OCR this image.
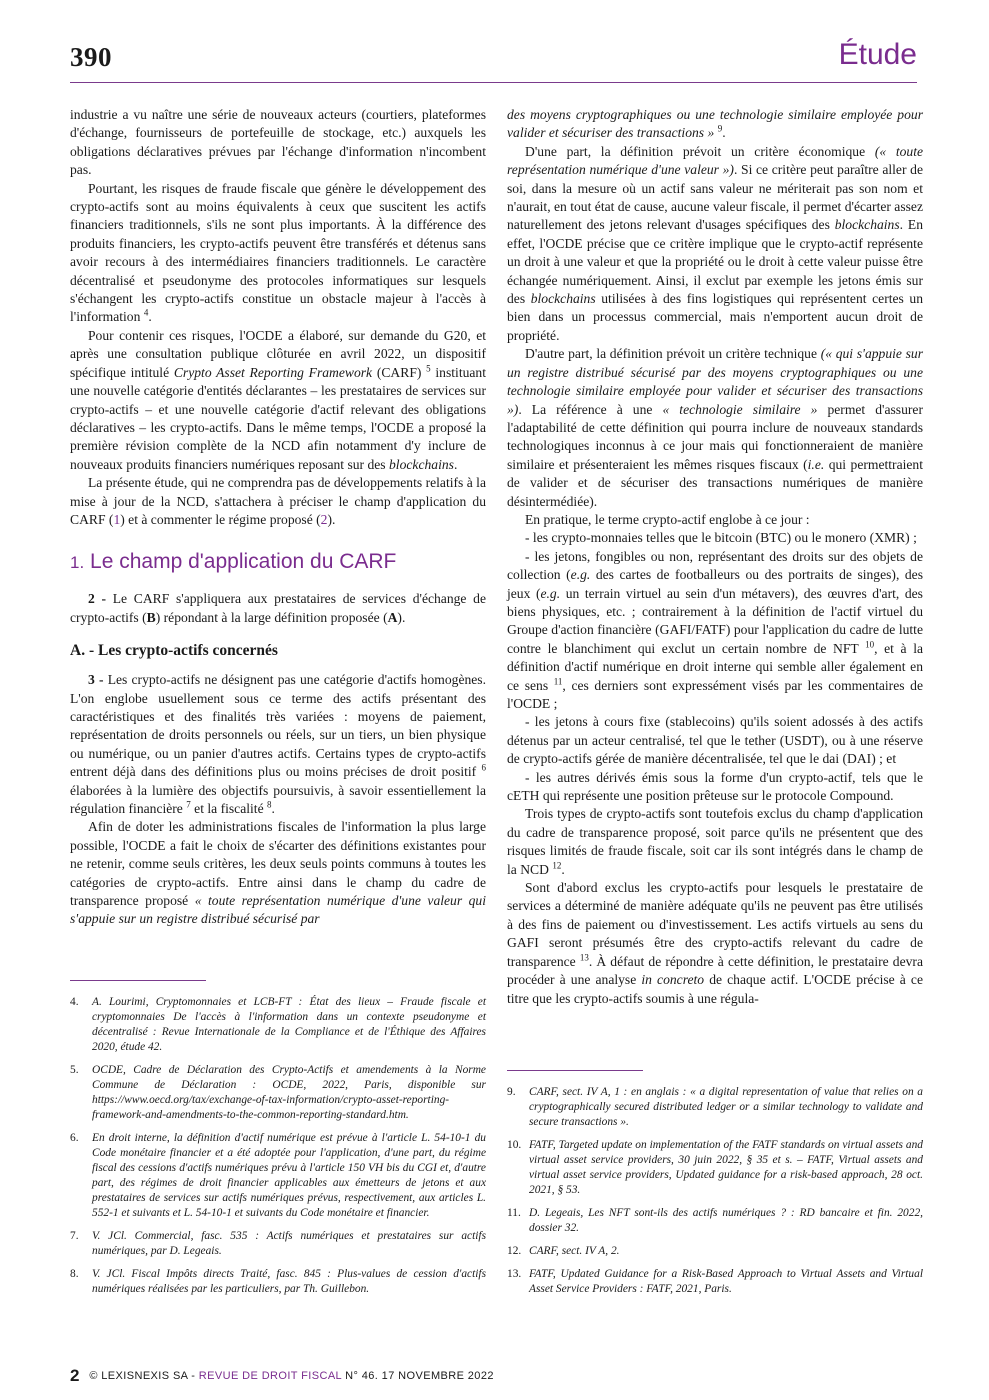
390	Étude

industrie a vu naître une série de nouveaux acteurs (courtiers, plateformes d'échange, fournisseurs de portefeuille de stockage, etc.) auxquels les obligations déclaratives prévues par l'échange d'information n'incombent pas.

Pourtant, les risques de fraude fiscale que génère le développement des crypto-actifs sont au moins équivalents à ceux que suscitent les actifs financiers traditionnels, s'ils ne sont plus importants. À la différence des produits financiers, les crypto-actifs peuvent être transférés et détenus sans avoir recours à des intermédiaires financiers traditionnels. Le caractère décentralisé et pseudonyme des protocoles informatiques sur lesquels s'échangent les crypto-actifs constitue un obstacle majeur à l'accès à l'information $^4$.

Pour contenir ces risques, l'OCDE a élaboré, sur demande du G20, et après une consultation publique clôturée en avril 2022, un dispositif spécifique intitulé Crypto Asset Reporting Framework (CARF) $^5$ instituant une nouvelle catégorie d'entités déclarantes – les prestataires de services sur crypto-actifs – et une nouvelle catégorie d'actif relevant des obligations déclaratives – les crypto-actifs. Dans le même temps, l'OCDE a proposé la première révision complète de la NCD afin notamment d'y inclure de nouveaux produits financiers numériques reposant sur des blockchains.

La présente étude, qui ne comprendra pas de développements relatifs à la mise à jour de la NCD, s'attachera à préciser le champ d'application du CARF (1) et à commenter le régime proposé (2).

1. Le champ d'application du CARF

2 - Le CARF s'appliquera aux prestataires de services d'échange de crypto-actifs (B) répondant à la large définition proposée (A).

A. - Les crypto-actifs concernés

3 - Les crypto-actifs ne désignent pas une catégorie d'actifs homogènes. L'on englobe usuellement sous ce terme des actifs présentant des caractéristiques et des finalités très variées : moyens de paiement, représentation de droits personnels ou réels, sur un tiers, un bien physique ou numérique, ou un panier d'autres actifs. Certains types de crypto-actifs entrent déjà dans des définitions plus ou moins précises de droit positif $^6$ élaborées à la lumière des objectifs poursuivis, à savoir essentiellement la régulation financière $^7$ et la fiscalité $^8$.

Afin de doter les administrations fiscales de l'information la plus large possible, l'OCDE a fait le choix de s'écarter des définitions existantes pour ne retenir, comme seuls critères, les deux seuls points communs à toutes les catégories de crypto-actifs. Entre ainsi dans le champ du cadre de transparence proposé « toute représentation numérique d'une valeur qui s'appuie sur un registre distribué sécurisé par

des moyens cryptographiques ou une technologie similaire employée pour valider et sécuriser des transactions » $^9$.

D'une part, la définition prévoit un critère économique (« toute représentation numérique d'une valeur »). Si ce critère peut paraître aller de soi, dans la mesure où un actif sans valeur ne mériterait pas son nom et n'aurait, en tout état de cause, aucune valeur fiscale, il permet d'écarter assez naturellement des jetons relevant d'usages spécifiques des blockchains. En effet, l'OCDE précise que ce critère implique que le crypto-actif représente un droit à une valeur et que la propriété ou le droit à cette valeur puisse être échangée numériquement. Ainsi, il exclut par exemple les jetons émis sur des blockchains utilisées à des fins logistiques qui représentent certes un bien dans un processus commercial, mais n'emportent aucun droit de propriété.

D'autre part, la définition prévoit un critère technique (« qui s'appuie sur un registre distribué sécurisé par des moyens cryptographiques ou une technologie similaire employée pour valider et sécuriser des transactions »). La référence à une « technologie similaire » permet d'assurer l'adaptabilité de cette définition qui pourra inclure de nouveaux standards technologiques inconnus à ce jour mais qui fonctionneraient de manière similaire et présenteraient les mêmes risques fiscaux (i.e. qui permettraient de valider et de sécuriser des transactions numériques de manière désintermédiée).

En pratique, le terme crypto-actif englobe à ce jour :

- les crypto-monnaies telles que le bitcoin (BTC) ou le monero (XMR) ;

- les jetons, fongibles ou non, représentant des droits sur des objets de collection (e.g. des cartes de footballeurs ou des portraits de singes), des jeux (e.g. un terrain virtuel au sein d'un métavers), des œuvres d'art, des biens physiques, etc. ; contrairement à la définition de l'actif virtuel du Groupe d'action financière (GAFI/FATF) pour l'application du cadre de lutte contre le blanchiment qui exclut un certain nombre de NFT $^{10}$, et à la définition d'actif numérique en droit interne qui semble aller également en ce sens $^{11}$, ces derniers sont expressément visés par les commentaires de l'OCDE ;

- les jetons à cours fixe (stablecoins) qu'ils soient adossés à des actifs détenus par un acteur centralisé, tel que le tether (USDT), ou à une réserve de crypto-actifs gérée de manière décentralisée, tel que le dai (DAI) ; et

- les autres dérivés émis sous la forme d'un crypto-actif, tels que le cETH qui représente une position prêteuse sur le protocole Compound.

Trois types de crypto-actifs sont toutefois exclus du champ d'application du cadre de transparence proposé, soit parce qu'ils ne présentent que des risques limités de fraude fiscale, soit car ils sont intégrés dans le champ de la NCD $^{12}$.

Sont d'abord exclus les crypto-actifs pour lesquels le prestataire de services a déterminé de manière adéquate qu'ils ne peuvent pas être utilisés à des fins de paiement ou d'investissement. Les actifs virtuels au sens du GAFI seront présumés être des crypto-actifs relevant du cadre de transparence $^{13}$. À défaut de répondre à cette définition, le prestataire devra procéder à une analyse in concreto de chaque actif. L'OCDE précise à ce titre que les crypto-actifs soumis à une régula-

4.	A. Lourimi, Cryptomonnaies et LCB-FT : État des lieux – Fraude fiscale et cryptomonnaies De l'accès à l'information dans un contexte pseudonyme et décentralisé : Revue Internationale de la Compliance et de l'Éthique des Affaires 2020, étude 42.
5.	OCDE, Cadre de Déclaration des Crypto-Actifs et amendements à la Norme Commune de Déclaration : OCDE, 2022, Paris, disponible sur https://www.oecd.org/tax/exchange-of-tax-information/crypto-asset-reporting-framework-and-amendments-to-the-common-reporting-standard.htm.
6.	En droit interne, la définition d'actif numérique est prévue à l'article L. 54-10-1 du Code monétaire financier et a été adoptée pour l'application, d'une part, du régime fiscal des cessions d'actifs numériques prévu à l'article 150 VH bis du CGI et, d'autre part, des régimes de droit financier applicables aux émetteurs de jetons et aux prestataires de services sur actifs numériques prévus, respectivement, aux articles L. 552-1 et suivants et L. 54-10-1 et suivants du Code monétaire et financier.
7.	V. JCl. Commercial, fasc. 535 : Actifs numériques et prestataires sur actifs numériques, par D. Legeais.
8.	V. JCl. Fiscal Impôts directs Traité, fasc. 845 : Plus-values de cession d'actifs numériques réalisées par les particuliers, par Th. Guillebon.
9.	CARF, sect. IV A, 1 : en anglais : « a digital representation of value that relies on a cryptographically secured distributed ledger or a similar technology to validate and secure transactions ».
10. FATF, Targeted update on implementation of the FATF standards on virtual assets and virtual asset service providers, 30 juin 2022, § 35 et s. – FATF, Virtual assets and virtual asset service providers, Updated guidance for a risk-based approach, 28 oct. 2021, § 53.
11. D. Legeais, Les NFT sont-ils des actifs numériques ? : RD bancaire et fin. 2022, dossier 32.
12. CARF, sect. IV A, 2.
13. FATF, Updated Guidance for a Risk-Based Approach to Virtual Assets and Virtual Asset Service Providers : FATF, 2021, Paris.
2 © LEXISNEXIS SA - REVUE DE DROIT FISCAL N° 46. 17 NOVEMBRE 2022
